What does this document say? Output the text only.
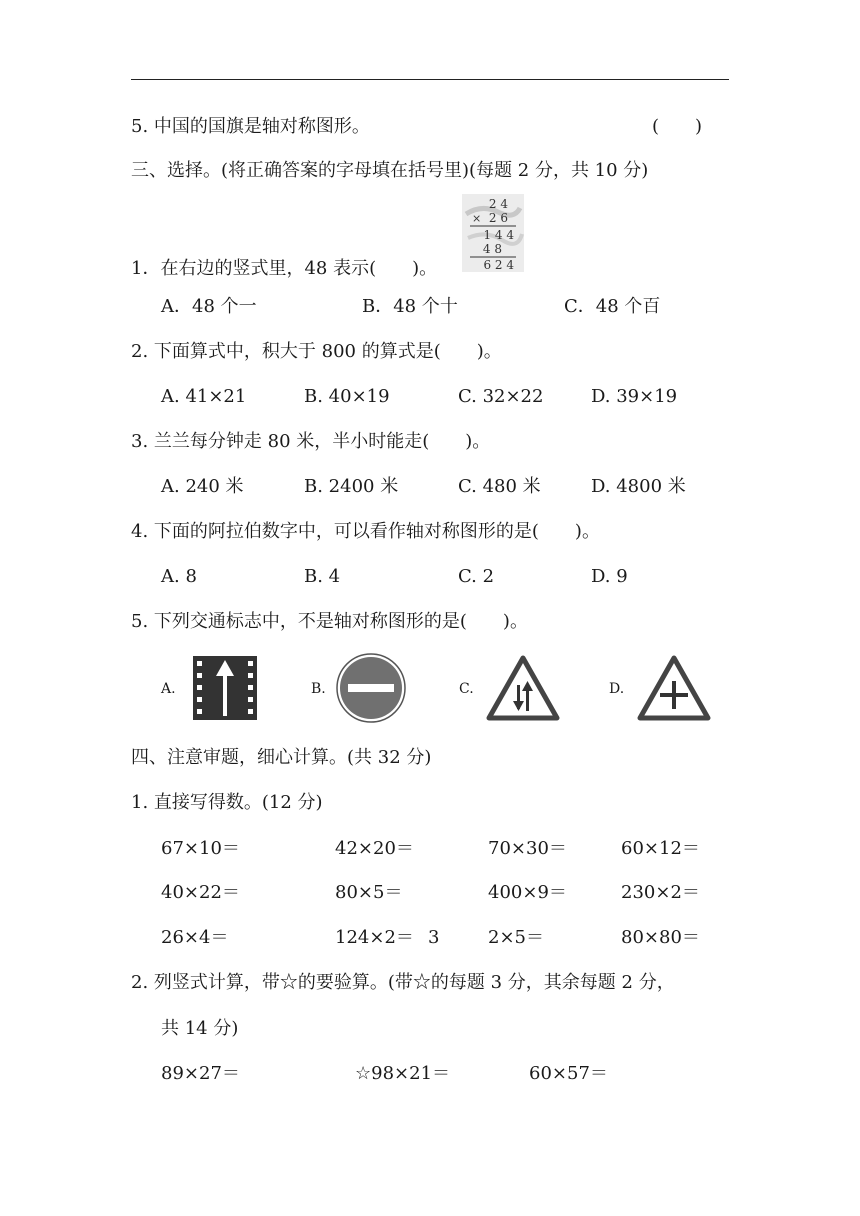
5. 中国的国旗是轴对称图形。	(　　)
三、选择。(将正确答案的字母填在括号里)(每题 2 分，共 10 分)
2 4
× 2 6
1 4 4
4 8
6 2 4
1．在右边的竖式里，48 表示(　　)。
A．48 个一	B．48 个十	C．48 个百
2. 下面算式中，积大于 800 的算式是(　　)。
A. 41×21	B. 40×19	C. 32×22	D. 39×19
3. 兰兰每分钟走 80 米，半小时能走(　　)。
A. 240 米	B. 2400 米	C. 480 米	D. 4800 米
4. 下面的阿拉伯数字中，可以看作轴对称图形的是(　　)。
A. 8	B. 4	C. 2	D. 9
5. 下列交通标志中，不是轴对称图形的是(　　)。
A.	B.	C.	D.
四、注意审题，细心计算。(共 32 分)
1. 直接写得数。(12 分)
67×10＝	42×20＝	70×30＝	60×12＝
40×22＝	80×5＝	400×9＝	230×2＝
26×4＝	124×2＝ 3	2×5＝	80×80＝
2. 列竖式计算，带☆的要验算。(带☆的每题 3 分，其余每题 2 分，
共 14 分)
89×27＝	☆98×21＝	60×57＝
